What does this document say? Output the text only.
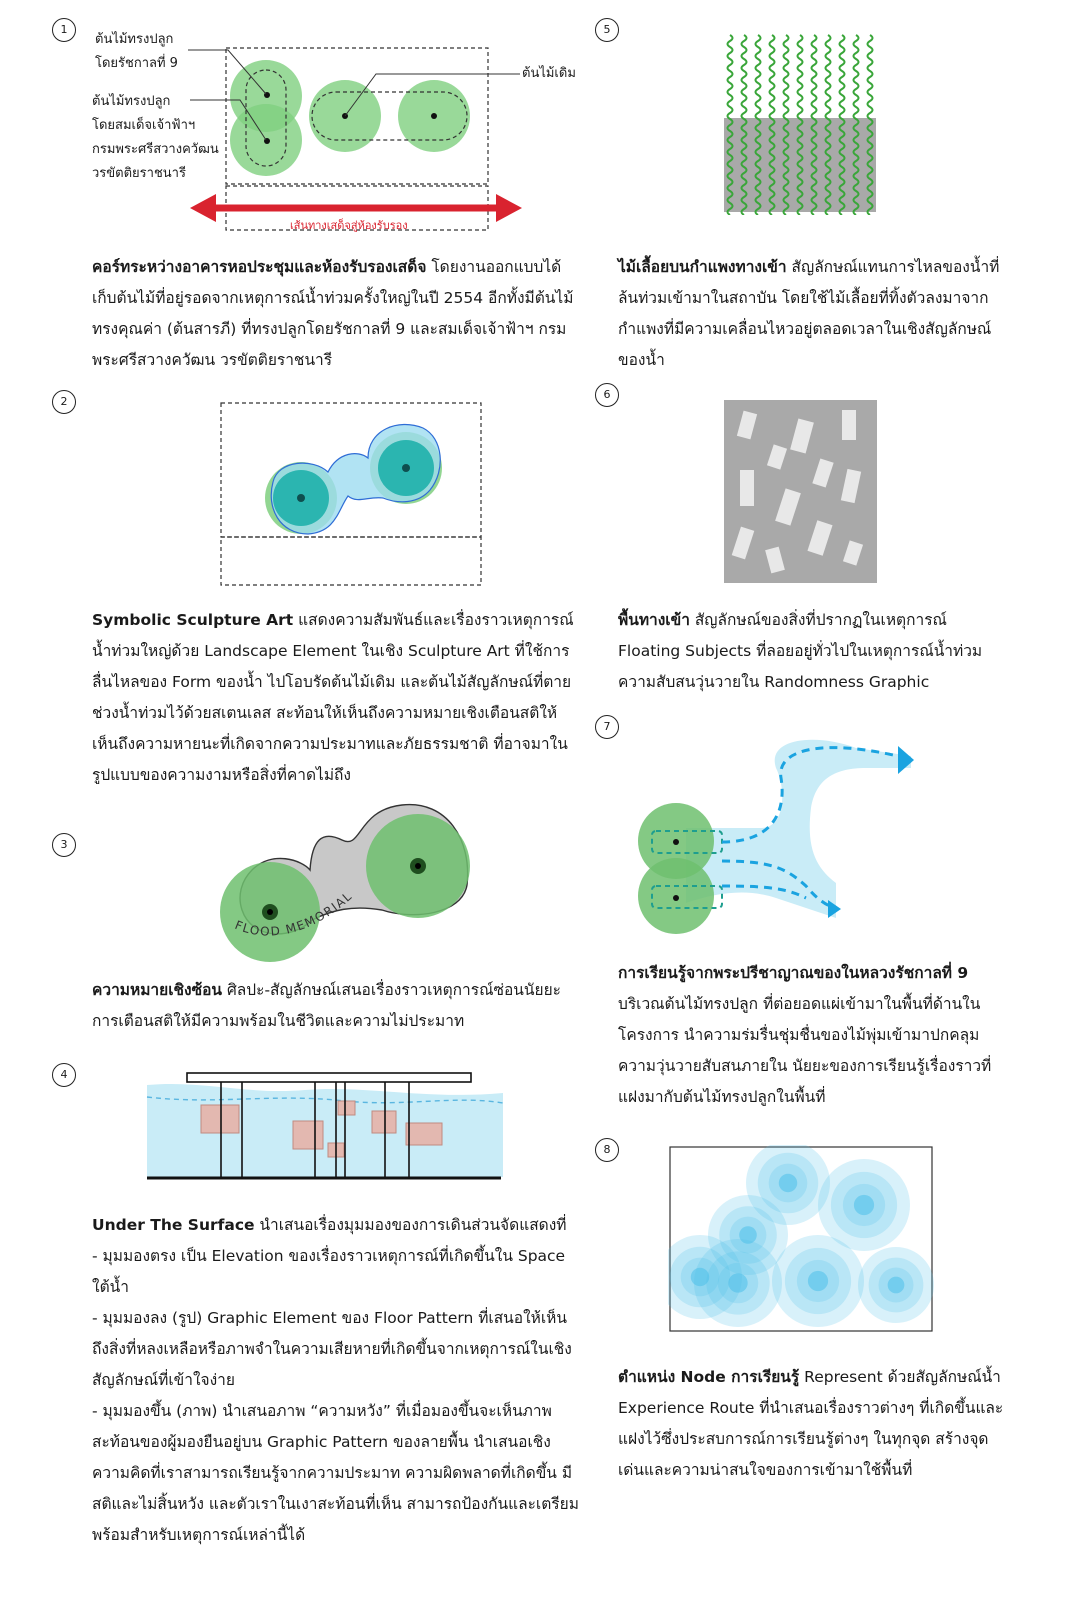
1

ต้นไม้ทรงปลูก

โดยรัชกาลที่ 9

ต้นไม้ทรงปลูก

โดยสมเด็จเจ้าฟ้าฯ

กรมพระศรีสวางควัฒน

วรขัตติยราชนารี

ต้นไม้เดิม
เส้นทางเสด็จสู่ห้องรับรอง

คอร์ทระหว่างอาคารหอประชุมและห้องรับรองเสด็จ โดยงานออกแบบได้เก็บต้นไม้ที่อยู่รอดจากเหตุการณ์น้ำท่วมครั้งใหญ่ในปี 2554 อีกทั้งมีต้นไม้ทรงคุณค่า (ต้นสารภี) ที่ทรงปลูกโดยรัชกาลที่ 9 และสมเด็จเจ้าฟ้าฯ กรมพระศรีสวางควัฒน วรขัตติยราชนารี

2

Symbolic Sculpture Art แสดงความสัมพันธ์และเรื่องราวเหตุการณ์น้ำท่วมใหญ่ด้วย Landscape Element ในเชิง Sculpture Art ที่ใช้การลื่นไหลของ Form ของน้ำ ไปโอบรัดต้นไม้เดิม และต้นไม้สัญลักษณ์ที่ตายช่วงน้ำท่วมไว้ด้วยสเตนเลส สะท้อนให้เห็นถึงความหมายเชิงเตือนสติให้เห็นถึงความหายนะที่เกิดจากความประมาทและภัยธรรมชาติ ที่อาจมาในรูปแบบของความงามหรือสิ่งที่คาดไม่ถึง

3
FLOOD MEMORIAL

ความหมายเชิงซ้อน ศิลปะ-สัญลักษณ์เสนอเรื่องราวเหตุการณ์ซ่อนนัยยะการเตือนสติให้มีความพร้อมในชีวิตและความไม่ประมาท

4

Under The Surface นำเสนอเรื่องมุมมองของการเดินส่วนจัดแสดงที่

- มุมมองตรง เป็น Elevation ของเรื่องราวเหตุการณ์ที่เกิดขึ้นใน Space ใต้น้ำ

- มุมมองลง (รูป) Graphic Element ของ Floor Pattern ที่เสนอให้เห็นถึงสิ่งที่หลงเหลือหรือภาพจำในความเสียหายที่เกิดขึ้นจากเหตุการณ์ในเชิงสัญลักษณ์ที่เข้าใจง่าย

- มุมมองขึ้น (ภาพ) นำเสนอภาพ “ความหวัง” ที่เมื่อมองขึ้นจะเห็นภาพสะท้อนของผู้มองยืนอยู่บน Graphic Pattern ของลายพื้น นำเสนอเชิงความคิดที่เราสามารถเรียนรู้จากความประมาท ความผิดพลาดที่เกิดขึ้น มีสติและไม่สิ้นหวัง และตัวเราในเงาสะท้อนที่เห็น สามารถป้องกันและเตรียมพร้อมสำหรับเหตุการณ์เหล่านี้ได้

5

ไม้เลื้อยบนกำแพงทางเข้า สัญลักษณ์แทนการไหลของน้ำที่ล้นท่วมเข้ามาในสถาบัน โดยใช้ไม้เลื้อยที่ทิ้งตัวลงมาจากกำแพงที่มีความเคลื่อนไหวอยู่ตลอดเวลาในเชิงสัญลักษณ์ของน้ำ

6

พื้นทางเข้า สัญลักษณ์ของสิ่งที่ปรากฏในเหตุการณ์ Floating Subjects ที่ลอยอยู่ทั่วไปในเหตุการณ์น้ำท่วม ความสับสนวุ่นวายใน Randomness Graphic

7

การเรียนรู้จากพระปรีชาญาณของในหลวงรัชกาลที่ 9

บริเวณต้นไม้ทรงปลูก ที่ต่อยอดแผ่เข้ามาในพื้นที่ด้านในโครงการ นำความร่มรื่นชุ่มชื่นของไม้พุ่มเข้ามาปกคลุมความวุ่นวายสับสนภายใน นัยยะของการเรียนรู้เรื่องราวที่แฝงมากับต้นไม้ทรงปลูกในพื้นที่

8

ตำแหน่ง Node การเรียนรู้ Represent ด้วยสัญลักษณ์น้ำ Experience Route ที่นำเสนอเรื่องราวต่างๆ ที่เกิดขึ้นและแฝงไว้ซึ่งประสบการณ์การเรียนรู้ต่างๆ ในทุกจุด สร้างจุดเด่นและความน่าสนใจของการเข้ามาใช้พื้นที่
